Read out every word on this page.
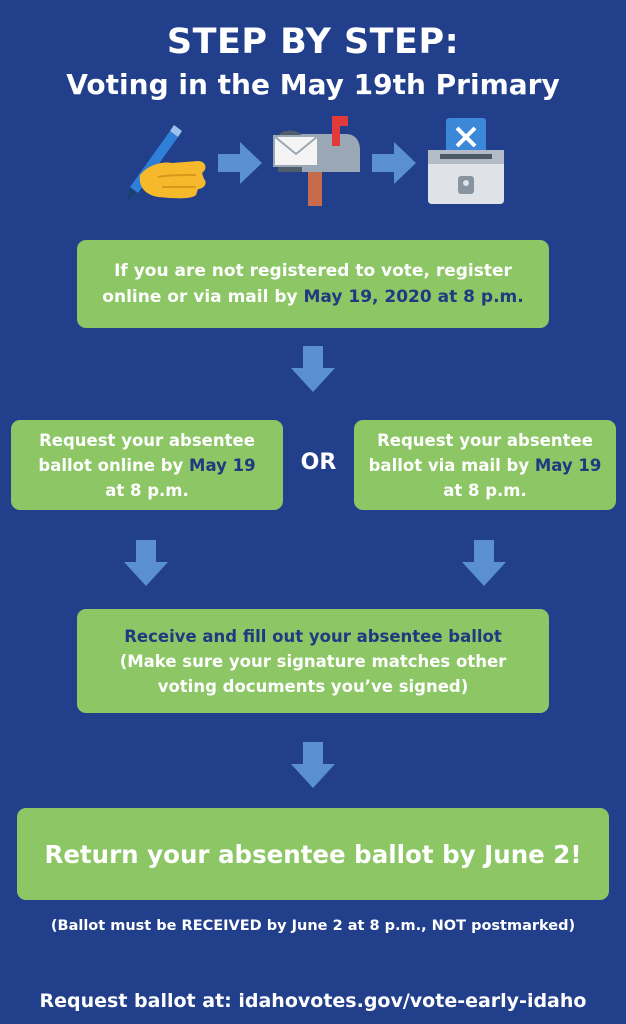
STEP BY STEP:
Voting in the May 19th Primary
If you are not registered to vote, register
online or via mail by May 19, 2020 at 8 p.m.
Request your absentee
ballot online by May 19
at 8 p.m.
OR
Request your absentee
ballot via mail by May 19
at 8 p.m.
Receive and fill out your absentee ballot
(Make sure your signature matches other
voting documents you’ve signed)
Return your absentee ballot by June 2!
(Ballot must be RECEIVED by June 2 at 8 p.m., NOT postmarked)
Request ballot at: idahovotes.gov/vote-early-idaho
